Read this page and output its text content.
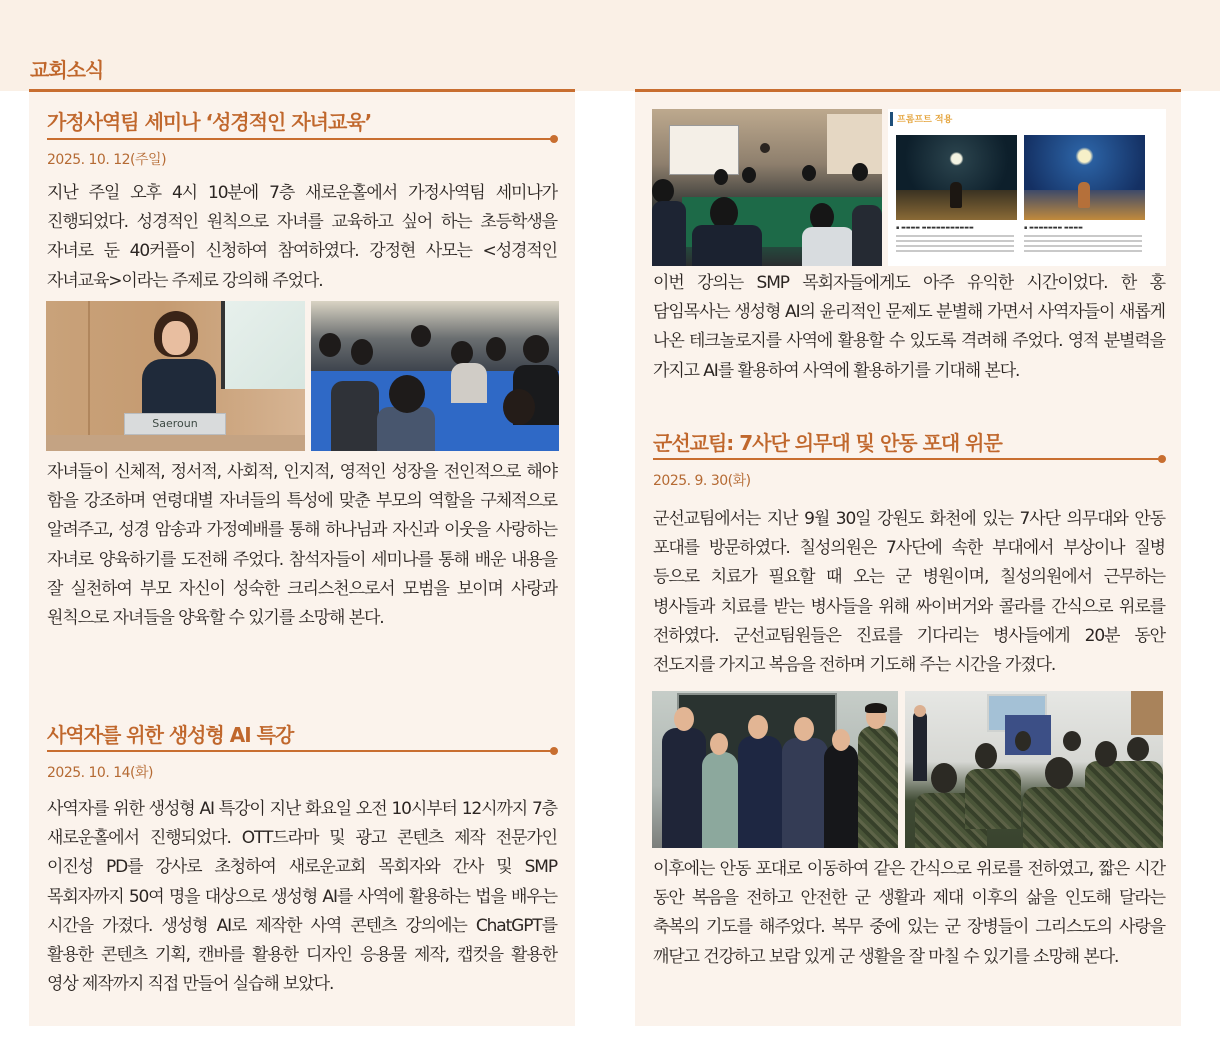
교회소식
가정사역팀 세미나 ‘성경적인 자녀교육’
2025. 10. 12(주일)
지난 주일 오후 4시 10분에 7층 새로운홀에서 가정사역팀 세미나가 진행되었다. 성경적인 원칙으로 자녀를 교육하고 싶어 하는 초등학생을 자녀로 둔 40커플이 신청하여 참여하였다. 강정현 사모는 <성경적인 자녀교육>이라는 주제로 강의해 주었다.
Saeroun
자녀들이 신체적, 정서적, 사회적, 인지적, 영적인 성장을 전인적으로 해야 함을 강조하며 연령대별 자녀들의 특성에 맞춘 부모의 역할을 구체적으로 알려주고, 성경 암송과 가정예배를 통해 하나님과 자신과 이웃을 사랑하는 자녀로 양육하기를 도전해 주었다. 참석자들이 세미나를 통해 배운 내용을 잘 실천하여 부모 자신이 성숙한 크리스천으로서 모범을 보이며 사랑과 원칙으로 자녀들을 양육할 수 있기를 소망해 본다.
사역자를 위한 생성형 AI 특강
2025. 10. 14(화)
사역자를 위한 생성형 AI 특강이 지난 화요일 오전 10시부터 12시까지 7층 새로운홀에서 진행되었다. OTT드라마 및 광고 콘텐츠 제작 전문가인 이진성 PD를 강사로 초청하여 새로운교회 목회자와 간사 및 SMP 목회자까지 50여 명을 대상으로 생성형 AI를 사역에 활용하는 법을 배우는 시간을 가졌다. 생성형 AI로 제작한 사역 콘텐츠 강의에는 ChatGPT를 활용한 콘텐츠 기획, 캔바를 활용한 디자인 응용물 제작, 캡컷을 활용한 영상 제작까지 직접 만들어 실습해 보았다.
프롬프트 적용
▪ ▬▬▬▬ ▬▬▬▬▬▬▬▬▬▬▬	▪ ▬▬▬▬▬▬▬ ▬▬▬▬
이번 강의는 SMP 목회자들에게도 아주 유익한 시간이었다. 한 홍 담임목사는 생성형 AI의 윤리적인 문제도 분별해 가면서 사역자들이 새롭게 나온 테크놀로지를 사역에 활용할 수 있도록 격려해 주었다. 영적 분별력을 가지고 AI를 활용하여 사역에 활용하기를 기대해 본다.
군선교팀: 7사단 의무대 및 안동 포대 위문
2025. 9. 30(화)
군선교팀에서는 지난 9월 30일 강원도 화천에 있는 7사단 의무대와 안동 포대를 방문하였다. 칠성의원은 7사단에 속한 부대에서 부상이나 질병 등으로 치료가 필요할 때 오는 군 병원이며, 칠성의원에서 근무하는 병사들과 치료를 받는 병사들을 위해 싸이버거와 콜라를 간식으로 위로를 전하였다. 군선교팀원들은 진료를 기다리는 병사들에게 20분 동안 전도지를 가지고 복음을 전하며 기도해 주는 시간을 가졌다.
이후에는 안동 포대로 이동하여 같은 간식으로 위로를 전하였고, 짧은 시간 동안 복음을 전하고 안전한 군 생활과 제대 이후의 삶을 인도해 달라는 축복의 기도를 해주었다. 복무 중에 있는 군 장병들이 그리스도의 사랑을 깨닫고 건강하고 보람 있게 군 생활을 잘 마칠 수 있기를 소망해 본다.
